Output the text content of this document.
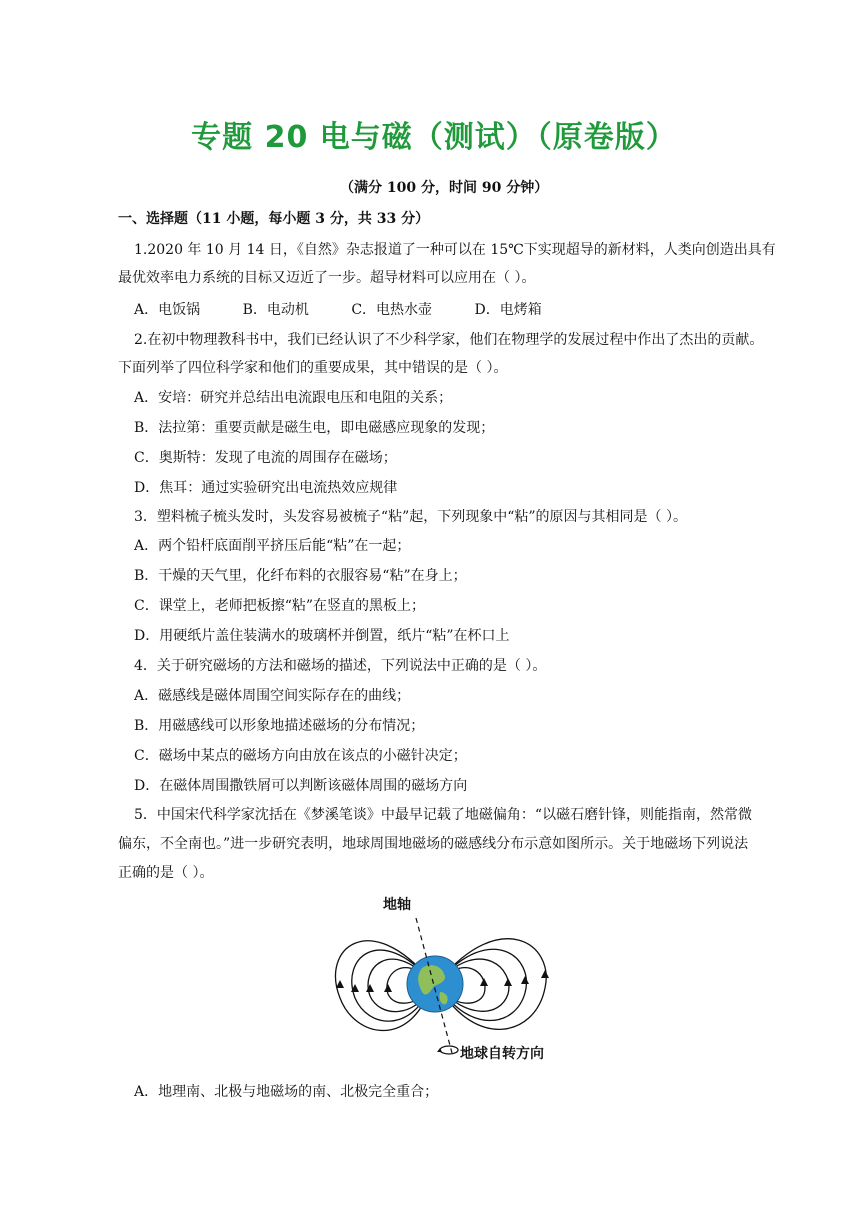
专题 20 电与磁（测试）（原卷版）
（满分 100 分，时间 90 分钟）
一、选择题（11 小题，每小题 3 分，共 33 分）
1.2020 年 10 月 14 日，《自然》杂志报道了一种可以在 15℃下实现超导的新材料，人类向创造出具有
最优效率电力系统的目标又迈近了一步。超导材料可以应用在（ ）。
A．电饭锅	B．电动机	C．电热水壶	D．电烤箱
2.在初中物理教科书中，我们已经认识了不少科学家，他们在物理学的发展过程中作出了杰出的贡献。
下面列举了四位科学家和他们的重要成果，其中错误的是（ ）。
A．安培：研究并总结出电流跟电压和电阻的关系；
B．法拉第：重要贡献是磁生电，即电磁感应现象的发现；
C．奥斯特：发现了电流的周围存在磁场；
D．焦耳：通过实验研究出电流热效应规律
3．塑料梳子梳头发时，头发容易被梳子“粘”起，下列现象中“粘”的原因与其相同是（ ）。
A．两个铅杆底面削平挤压后能“粘”在一起；
B．干燥的天气里，化纤布料的衣服容易“粘”在身上；
C．课堂上，老师把板擦“粘”在竖直的黑板上；
D．用硬纸片盖住装满水的玻璃杯并倒置，纸片“粘”在杯口上
4．关于研究磁场的方法和磁场的描述，下列说法中正确的是（ ）。
A．磁感线是磁体周围空间实际存在的曲线；
B．用磁感线可以形象地描述磁场的分布情况；
C．磁场中某点的磁场方向由放在该点的小磁针决定；
D．在磁体周围撒铁屑可以判断该磁体周围的磁场方向
5．中国宋代科学家沈括在《梦溪笔谈》中最早记载了地磁偏角：“以磁石磨针锋，则能指南，然常微
偏东，不全南也。”进一步研究表明，地球周围地磁场的磁感线分布示意如图所示。关于地磁场下列说法
正确的是（ ）。
地轴
地球自转方向
A．地理南、北极与地磁场的南、北极完全重合；
